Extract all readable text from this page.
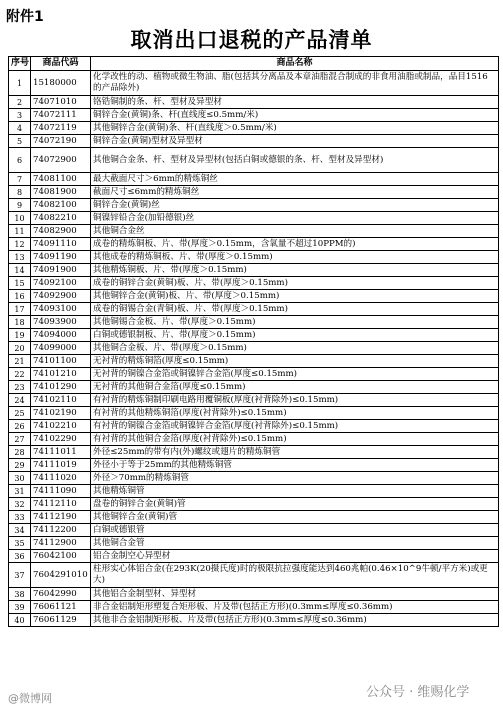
附件1
取消出口退税的产品清单
序号	商品代码	商品名称
1	15180000	化学改性的动、植物或微生物油、脂(包括其分离品及本章油脂混合制成的非食用油脂或制品，品目1516的产品除外)
2	74071010	铬锆铜制的条、杆、型材及异型材
3	74072111	铜锌合金(黄铜)条、杆(直线度≤0.5mm/米)
4	74072119	其他铜锌合金(黄铜)条、杆(直线度＞0.5mm/米)
5	74072190	铜锌合金(黄铜)型材及异型材
6	74072900	其他铜合金条、杆、型材及异型材(包括白铜或德银的条、杆、型材及异型材)
7	74081100	最大截面尺寸＞6mm的精炼铜丝
8	74081900	截面尺寸≤6mm的精炼铜丝
9	74082100	铜锌合金(黄铜)丝
10	74082210	铜镍锌铅合金(加铅德银)丝
11	74082900	其他铜合金丝
12	74091110	成卷的精炼铜板、片、带(厚度＞0.15mm，含氧量不超过10PPM的)
13	74091190	其他成卷的精炼铜板、片、带(厚度＞0.15mm)
14	74091900	其他精炼铜板、片、带(厚度＞0.15mm)
15	74092100	成卷的铜锌合金(黄铜)板、片、带(厚度＞0.15mm)
16	74092900	其他铜锌合金(黄铜)板、片、带(厚度＞0.15mm)
17	74093100	成卷的铜锡合金(青铜)板、片、带(厚度＞0.15mm)
18	74093900	其他铜锡合金板、片、带(厚度＞0.15mm)
19	74094000	白铜或德银制板、片、带(厚度＞0.15mm)
20	74099000	其他铜合金板、片、带(厚度＞0.15mm)
21	74101100	无衬背的精炼铜箔(厚度≤0.15mm)
22	74101210	无衬背的铜镍合金箔或铜镍锌合金箔(厚度≤0.15mm)
23	74101290	无衬背的其他铜合金箔(厚度≤0.15mm)
24	74102110	有衬背的精炼铜制印刷电路用覆铜板(厚度(衬背除外)≤0.15mm)
25	74102190	有衬背的其他精炼铜箔(厚度(衬背除外)≤0.15mm)
26	74102210	有衬背的铜镍合金箔或铜镍锌合金箔(厚度(衬背除外)≤0.15mm)
27	74102290	有衬背的其他铜合金箔(厚度(衬背除外)≤0.15mm)
28	74111011	外径≤25mm的带有内(外)螺纹或翅片的精炼铜管
29	74111019	外径小于等于25mm的其他精炼铜管
30	74111020	外径＞70mm的精炼铜管
31	74111090	其他精炼铜管
32	74112110	盘卷的铜锌合金(黄铜)管
33	74112190	其他铜锌合金(黄铜)管
34	74112200	白铜或德银管
35	74112900	其他铜合金管
36	76042100	铝合金制空心异型材
37	7604291010	柱形实心体铝合金(在293K(20摄氏度)时的极限抗拉强度能达到460兆帕(0.46×10^9牛顿/平方米)或更大)
38	76042990	其他铝合金制型材、异型材
39	76061121	非合金铝制矩形塑复合矩形板、片及带(包括正方形)(0.3mm≤厚度≤0.36mm)
40	76061129	其他非合金铝制矩形板、片及带(包括正方形)(0.3mm≤厚度≤0.36mm)
@微博网	公众号 · 维赐化学
